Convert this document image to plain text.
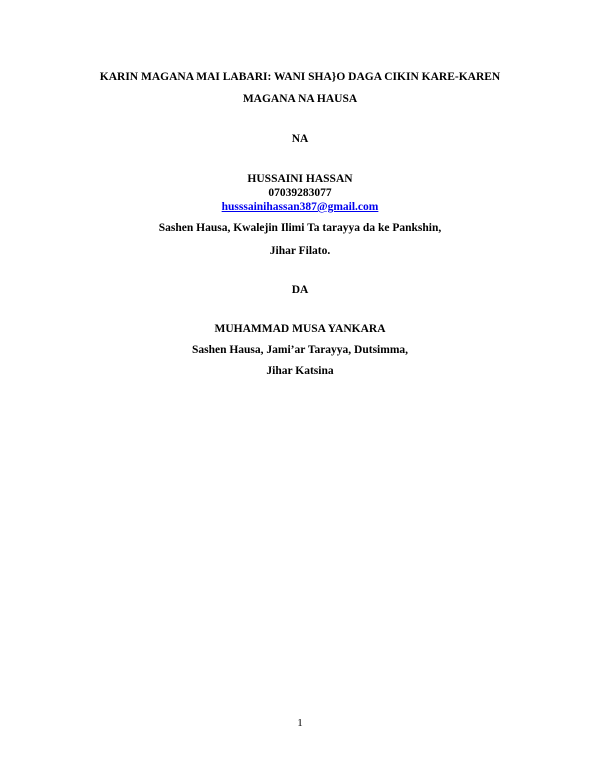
KARIN MAGANA MAI LABARI: WANI SHA}O DAGA CIKIN KARE-KAREN
MAGANA NA HAUSA
NA
HUSSAINI HASSAN
07039283077
husssainihassan387@gmail.com
Sashen Hausa, Kwalejin Ilimi Ta tarayya da ke Pankshin,
Jihar Filato.
DA
MUHAMMAD MUSA YANKARA
Sashen Hausa, Jami’ar Tarayya, Dutsimma,
Jihar Katsina
1
